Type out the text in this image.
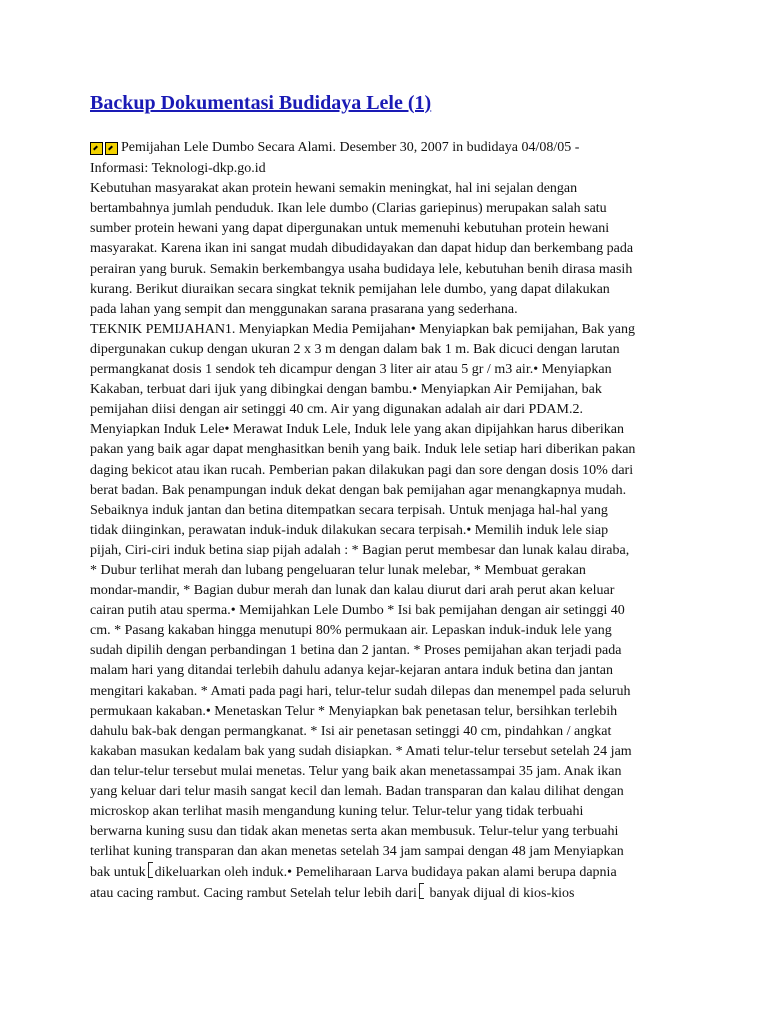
Backup Dokumentasi Budidaya Lele (1)
Pemijahan Lele Dumbo Secara Alami. Desember 30, 2007 in budidaya 04/08/05 -
Informasi: Teknologi-dkp.go.id
Kebutuhan masyarakat akan protein hewani semakin meningkat, hal ini sejalan dengan
bertambahnya jumlah penduduk. Ikan lele dumbo (Clarias gariepinus) merupakan salah satu
sumber protein hewani yang dapat dipergunakan untuk memenuhi kebutuhan protein hewani
masyarakat. Karena ikan ini sangat mudah dibudidayakan dan dapat hidup dan berkembang pada
perairan yang buruk. Semakin berkembangya usaha budidaya lele, kebutuhan benih dirasa masih
kurang. Berikut diuraikan secara singkat teknik pemijahan lele dumbo, yang dapat dilakukan
pada lahan yang sempit dan menggunakan sarana prasarana yang sederhana.
TEKNIK PEMIJAHAN1. Menyiapkan Media Pemijahan• Menyiapkan bak pemijahan, Bak yang
dipergunakan cukup dengan ukuran 2 x 3 m dengan dalam bak 1 m. Bak dicuci dengan larutan
permangkanat dosis 1 sendok teh dicampur dengan 3 liter air atau 5 gr / m3 air.• Menyiapkan
Kakaban, terbuat dari ijuk yang dibingkai dengan bambu.• Menyiapkan Air Pemijahan, bak
pemijahan diisi dengan air setinggi 40 cm. Air yang digunakan adalah air dari PDAM.2.
Menyiapkan Induk Lele• Merawat Induk Lele, Induk lele yang akan dipijahkan harus diberikan
pakan yang baik agar dapat menghasitkan benih yang baik. Induk lele setiap hari diberikan pakan
daging bekicot atau ikan rucah. Pemberian pakan dilakukan pagi dan sore dengan dosis 10% dari
berat badan. Bak penampungan induk dekat dengan bak pemijahan agar menangkapnya mudah.
Sebaiknya induk jantan dan betina ditempatkan secara terpisah. Untuk menjaga hal-hal yang
tidak diinginkan, perawatan induk-induk dilakukan secara terpisah.• Memilih induk lele siap
pijah, Ciri-ciri induk betina siap pijah adalah : * Bagian perut membesar dan lunak kalau diraba,
* Dubur terlihat merah dan lubang pengeluaran telur lunak melebar, * Membuat gerakan
mondar-mandir, * Bagian dubur merah dan lunak dan kalau diurut dari arah perut akan keluar
cairan putih atau sperma.• Memijahkan Lele Dumbo * Isi bak pemijahan dengan air setinggi 40
cm. * Pasang kakaban hingga menutupi 80% permukaan air. Lepaskan induk-induk lele yang
sudah dipilih dengan perbandingan 1 betina dan 2 jantan. * Proses pemijahan akan terjadi pada
malam hari yang ditandai terlebih dahulu adanya kejar-kejaran antara induk betina dan jantan
mengitari kakaban. * Amati pada pagi hari, telur-telur sudah dilepas dan menempel pada seluruh
permukaan kakaban.• Menetaskan Telur * Menyiapkan bak penetasan telur, bersihkan terlebih
dahulu bak-bak dengan permangkanat. * Isi air penetasan setinggi 40 cm, pindahkan / angkat
kakaban masukan kedalam bak yang sudah disiapkan. * Amati telur-telur tersebut setelah 24 jam
dan telur-telur tersebut mulai menetas. Telur yang baik akan menetassampai 35 jam. Anak ikan
yang keluar dari telur masih sangat kecil dan lemah. Badan transparan dan kalau dilihat dengan
microskop akan terlihat masih mengandung kuning telur. Telur-telur yang tidak terbuahi
berwarna kuning susu dan tidak akan menetas serta akan membusuk. Telur-telur yang terbuahi
terlihat kuning transparan dan akan menetas setelah 34 jam sampai dengan 48 jam Menyiapkan
bak untuk dikeluarkan oleh induk.• Pemeliharaan Larva budidaya pakan alami berupa dapnia
atau cacing rambut. Cacing rambut Setelah telur lebih dari banyak dijual di kios-kios
